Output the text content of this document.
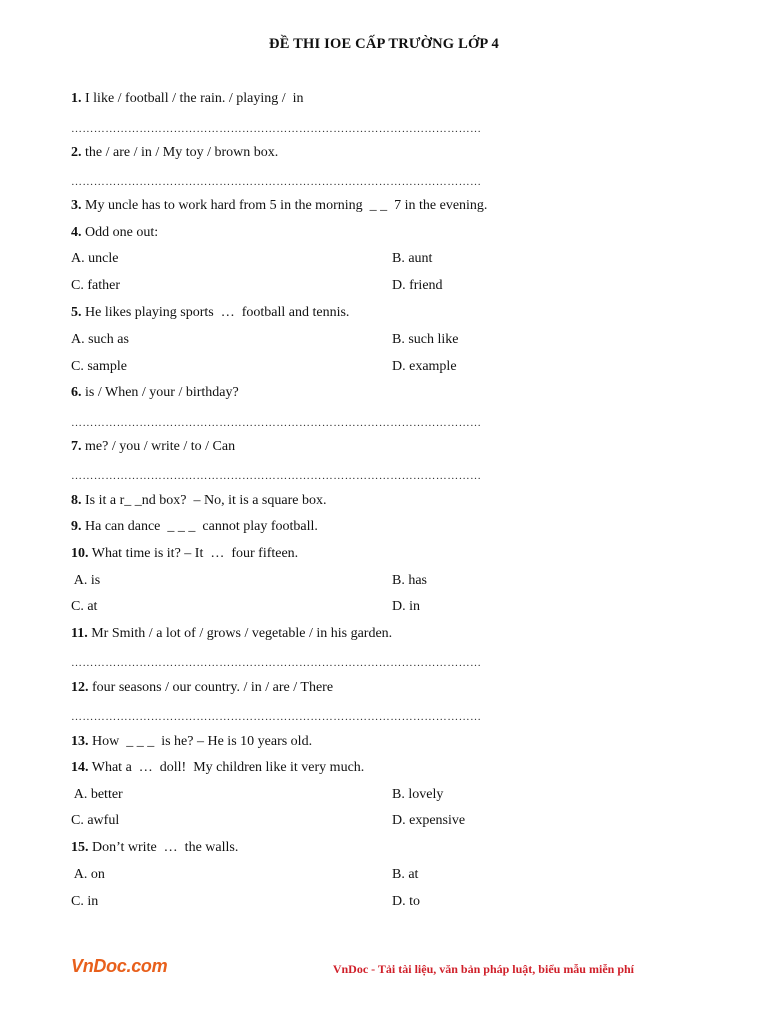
ĐỀ THI IOE CẤP TRƯỜNG LỚP 4
1. I like / football / the rain. / playing /  in
………………………………………………………………………………………………
2. the / are / in / My toy / brown box.
………………………………………………………………………………………………
3. My uncle has to work hard from 5 in the morning  _ _  7 in the evening.
4. Odd one out:
A. uncle	B. aunt
C. father	D. friend
5. He likes playing sports  …  football and tennis.
A. such as	B. such like
C. sample	D. example
6. is / When / your / birthday?
………………………………………………………………………………………………
7. me? / you / write / to / Can
………………………………………………………………………………………………
8. Is it a r_ _nd box?  – No, it is a square box.
9. Ha can dance  _ _ _  cannot play football.
10. What time is it? – It  …  four fifteen.
A. is	B. has
C. at	D. in
11. Mr Smith / a lot of / grows / vegetable / in his garden.
………………………………………………………………………………………………
12. four seasons / our country. / in / are / There
………………………………………………………………………………………………
13. How  _ _ _  is he? – He is 10 years old.
14. What a  …  doll!  My children like it very much.
A. better	B. lovely
C. awful	D. expensive
15. Don’t write  …  the walls.
A. on	B. at
C. in	D. to
VnDoc.com	VnDoc - Tải tài liệu, văn bản pháp luật, biểu mẫu miễn phí
